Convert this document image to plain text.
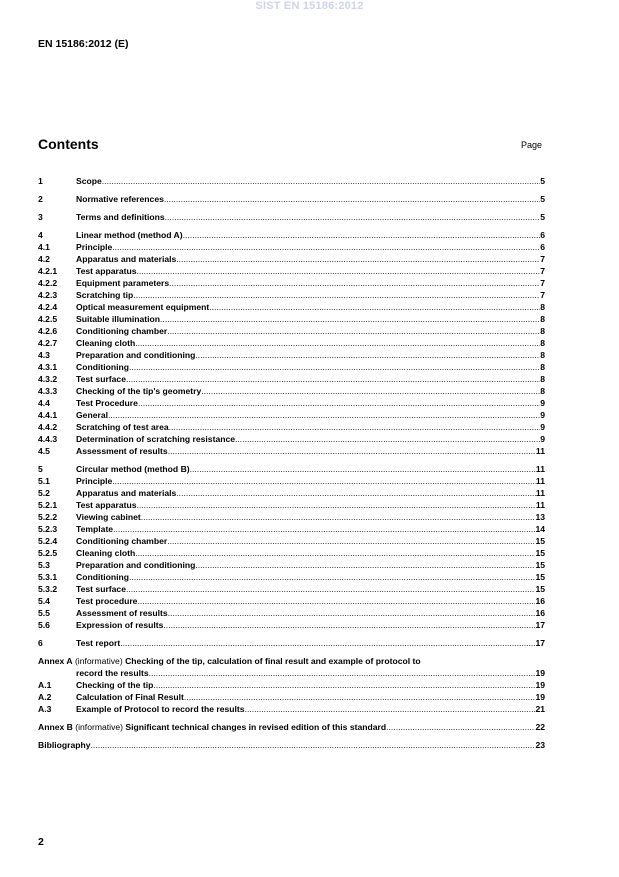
SIST EN 15186:2012
EN 15186:2012 (E)
Contents	Page
1	Scope .....	5
2	Normative references .....	5
3	Terms and definitions .....	5
4	Linear method (method A) .....	6
4.1	Principle .....	6
4.2	Apparatus and materials .....	7
4.2.1	Test apparatus .....	7
4.2.2	Equipment parameters .....	7
4.2.3	Scratching tip .....	7
4.2.4	Optical measurement equipment .....	8
4.2.5	Suitable illumination .....	8
4.2.6	Conditioning chamber .....	8
4.2.7	Cleaning cloth .....	8
4.3	Preparation and conditioning .....	8
4.3.1	Conditioning .....	8
4.3.2	Test surface .....	8
4.3.3	Checking of the tip's geometry .....	8
4.4	Test Procedure .....	9
4.4.1	General .....	9
4.4.2	Scratching of test area .....	9
4.4.3	Determination of scratching resistance .....	9
4.5	Assessment of results .....	11
5	Circular method (method B) .....	11
5.1	Principle .....	11
5.2	Apparatus and materials .....	11
5.2.1	Test apparatus .....	11
5.2.2	Viewing cabinet .....	13
5.2.3	Template .....	14
5.2.4	Conditioning chamber .....	15
5.2.5	Cleaning cloth .....	15
5.3	Preparation and conditioning .....	15
5.3.1	Conditioning .....	15
5.3.2	Test surface .....	15
5.4	Test procedure .....	16
5.5	Assessment of results .....	16
5.6	Expression of results .....	17
6	Test report .....	17
Annex A (informative) Checking of the tip, calculation of final result and example of protocol to
record the results .....	19
A.1	Checking of the tip .....	19
A.2	Calculation of Final Result .....	19
A.3	Example of Protocol to record the results .....	21
Annex B (informative) Significant technical changes in revised edition of this standard .....	22
Bibliography .....	23
2
